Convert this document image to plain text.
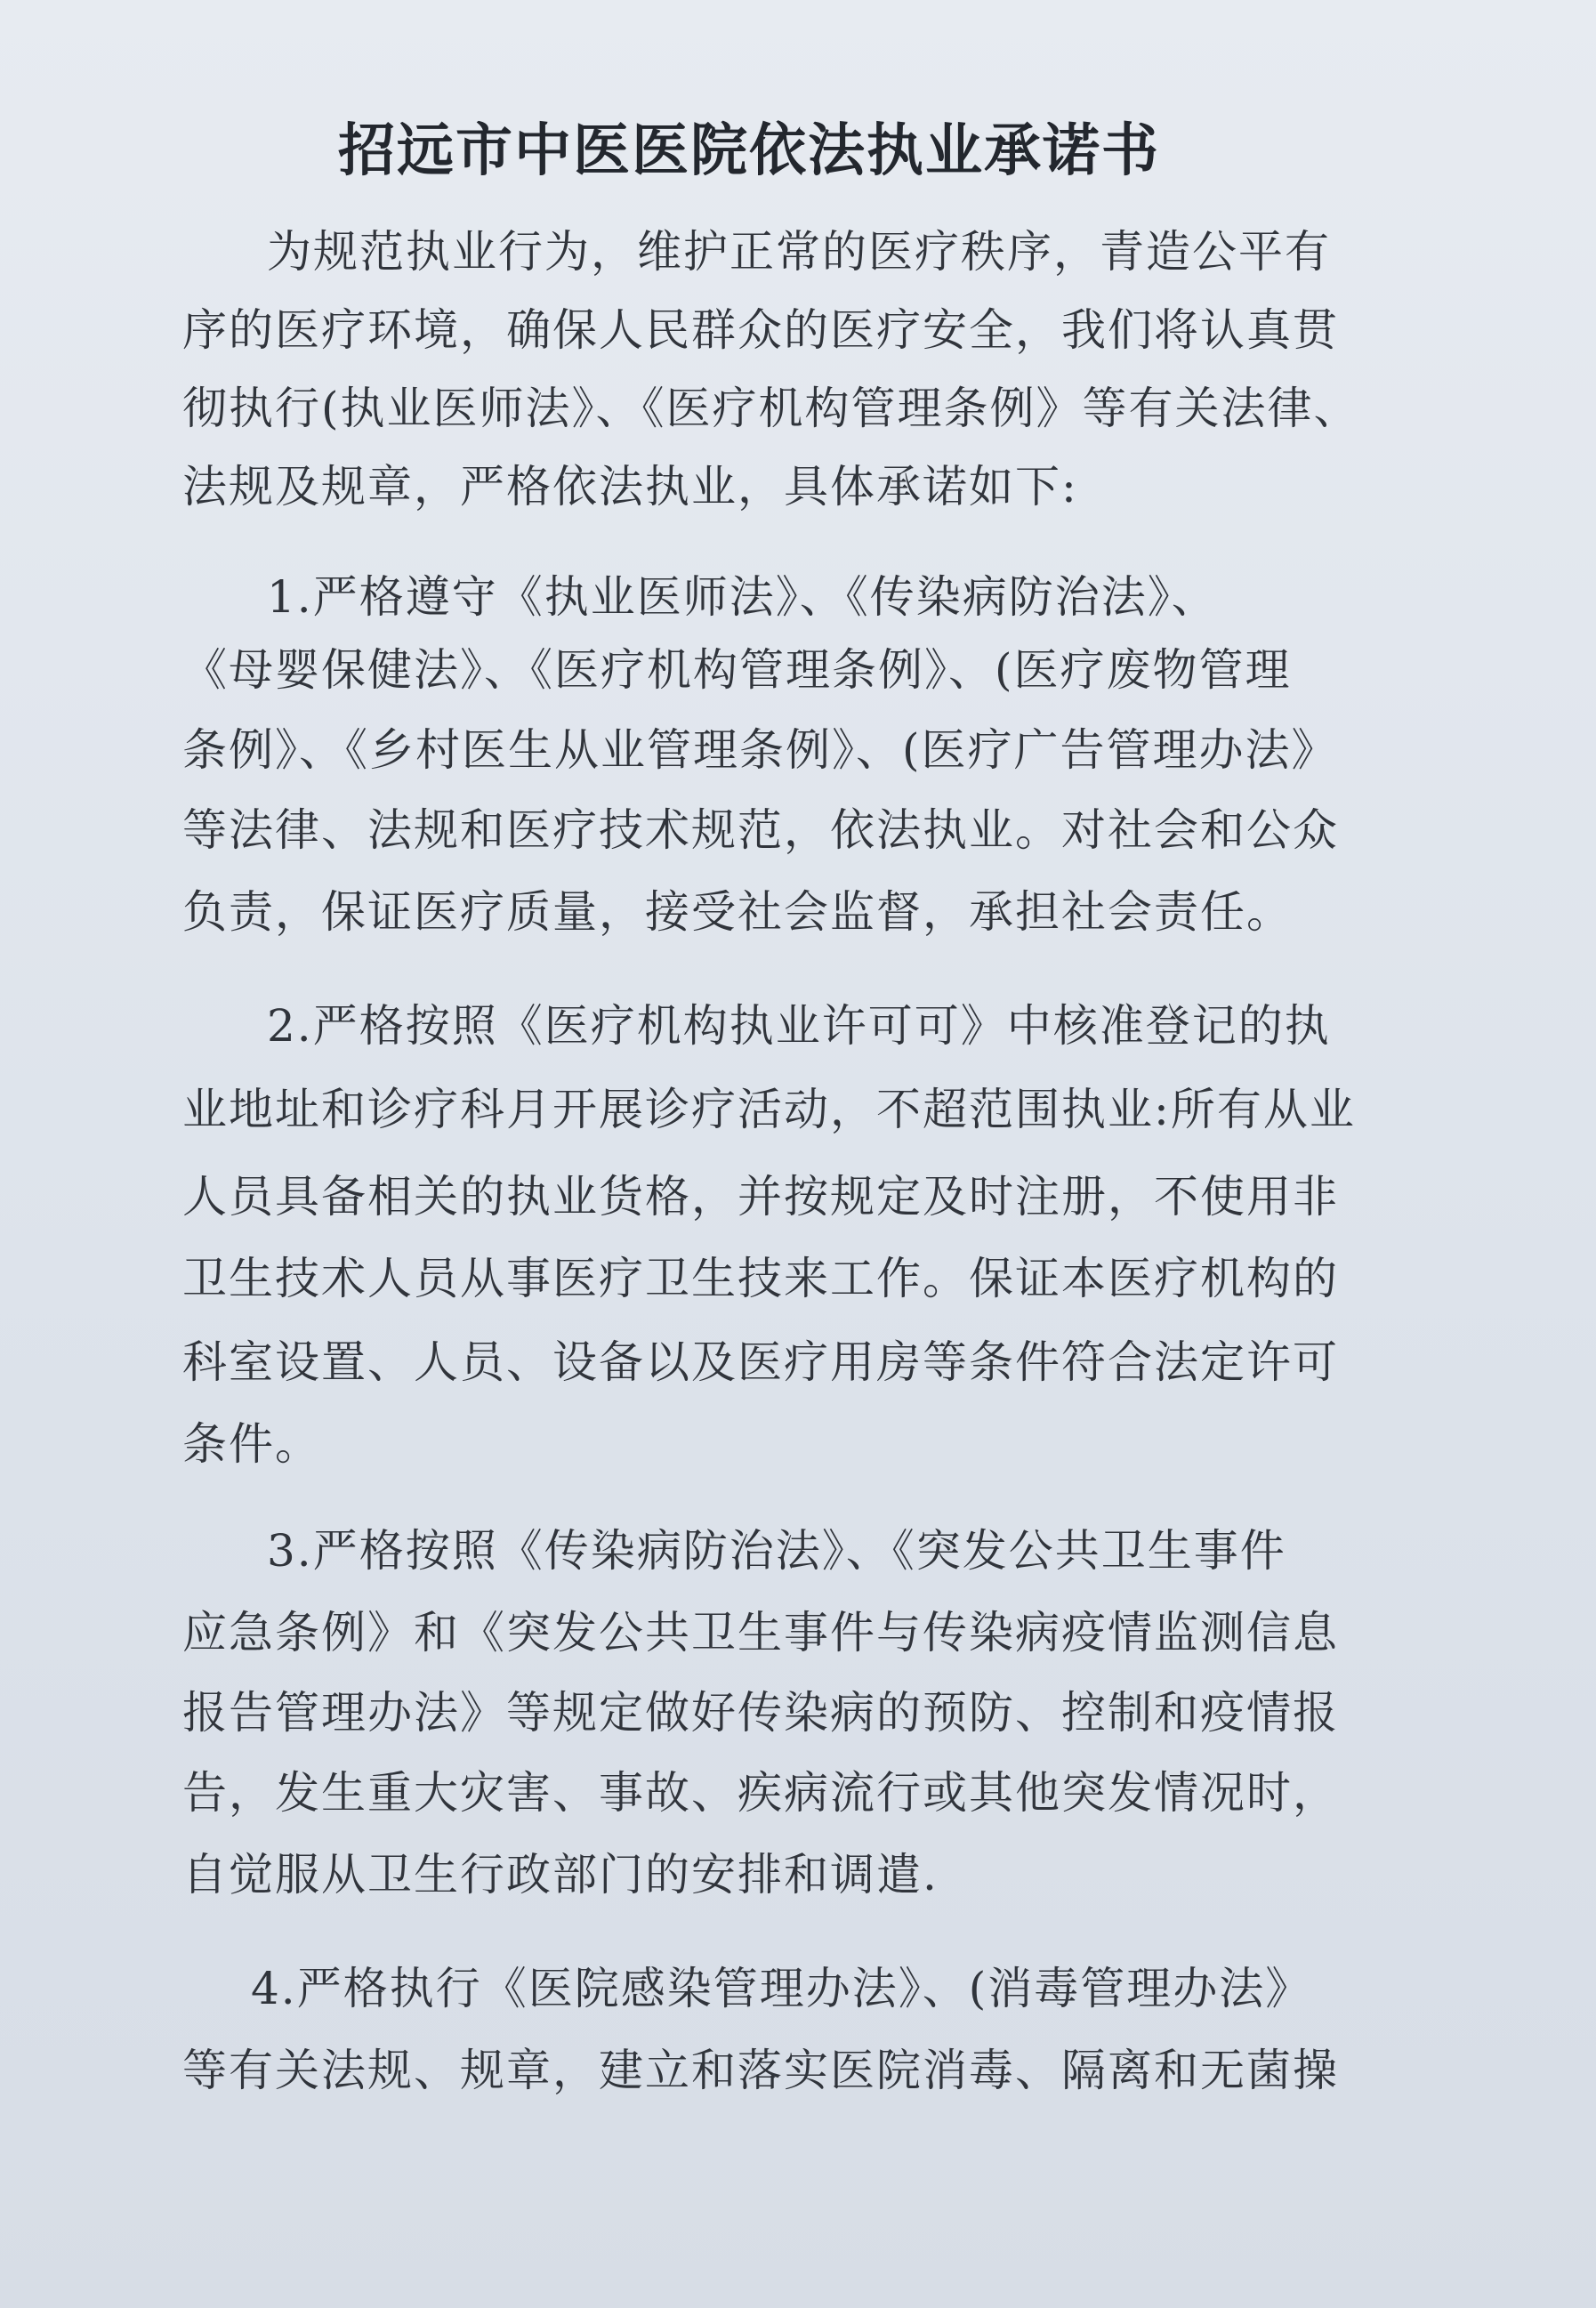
招远市中医医院依法执业承诺书
为规范执业行为，维护正常的医疗秩序，青造公平有
序的医疗环境，确保人民群众的医疗安全，我们将认真贯
彻执行(执业医师法》、《医疗机构管理条例》等有关法律、
法规及规章，严格依法执业，具体承诺如下:
1.严格遵守《执业医师法》、《传染病防治法》、
《母婴保健法》、《医疗机构管理条例》、(医疗废物管理
条例》、《乡村医生从业管理条例》、(医疗广告管理办法》
等法律、法规和医疗技术规范，依法执业。对社会和公众
负责，保证医疗质量，接受社会监督，承担社会责任。
2.严格按照《医疗机构执业许可可》中核准登记的执
业地址和诊疗科月开展诊疗活动，不超范围执业:所有从业
人员具备相关的执业货格，并按规定及时注册，不使用非
卫生技术人员从事医疗卫生技来工作。保证本医疗机构的
科室设置、人员、设备以及医疗用房等条件符合法定许可
条件。
3.严格按照《传染病防治法》、《突发公共卫生事件
应急条例》和《突发公共卫生事件与传染病疫情监测信息
报告管理办法》等规定做好传染病的预防、控制和疫情报
告，发生重大灾害、事故、疾病流行或其他突发情况时，
自觉服从卫生行政部门的安排和调遣.
4.严格执行《医院感染管理办法》、(消毒管理办法》
等有关法规、规章，建立和落实医院消毒、隔离和无菌操
